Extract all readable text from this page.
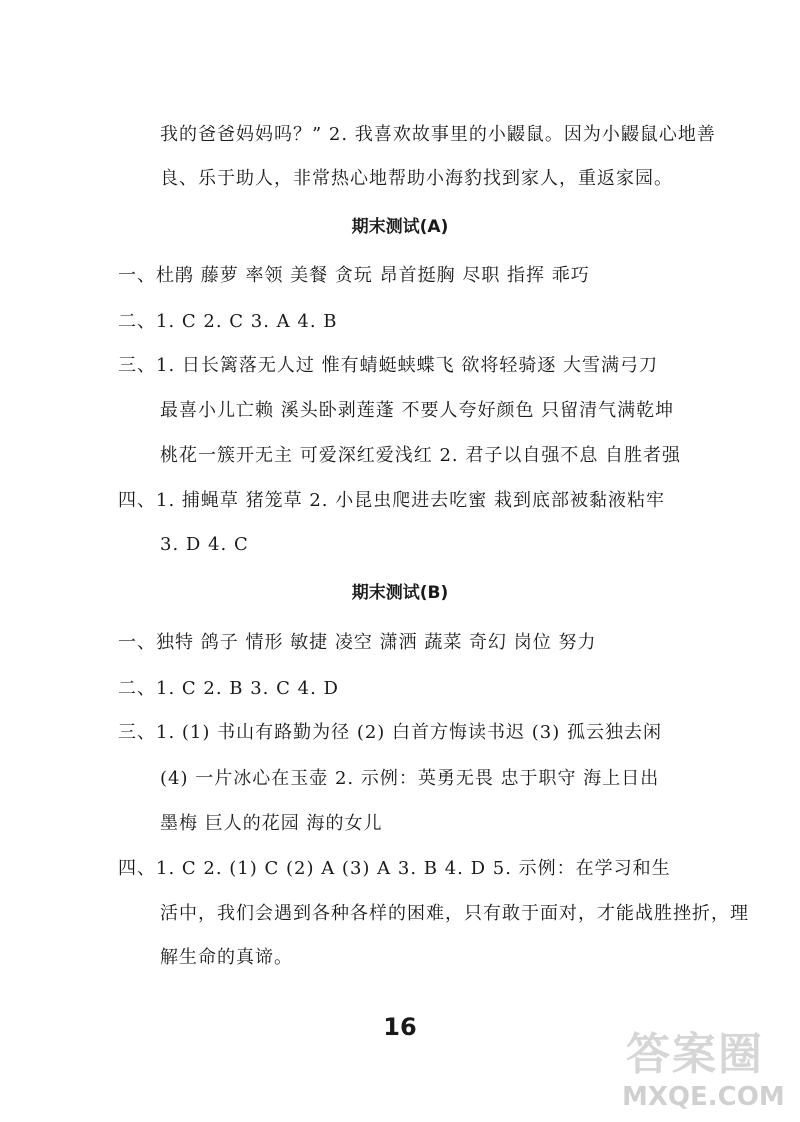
我的爸爸妈妈吗？” 2. 我喜欢故事里的小鼹鼠。因为小鼹鼠心地善
良、乐于助人，非常热心地帮助小海豹找到家人，重返家园。
期末测试(A)
一、杜鹃 藤萝 率领 美餐 贪玩 昂首挺胸 尽职 指挥 乖巧
二、1. C 2. C 3. A 4. B
三、1. 日长篱落无人过 惟有蜻蜓蛱蝶飞 欲将轻骑逐 大雪满弓刀
最喜小儿亡赖 溪头卧剥莲蓬 不要人夸好颜色 只留清气满乾坤
桃花一簇开无主 可爱深红爱浅红 2. 君子以自强不息 自胜者强
四、1. 捕蝇草 猪笼草 2. 小昆虫爬进去吃蜜 栽到底部被黏液粘牢
3. D 4. C
期末测试(B)
一、独特 鸽子 情形 敏捷 凌空 潇洒 蔬菜 奇幻 岗位 努力
二、1. C 2. B 3. C 4. D
三、1. (1) 书山有路勤为径 (2) 白首方悔读书迟 (3) 孤云独去闲
(4) 一片冰心在玉壶 2. 示例：英勇无畏 忠于职守 海上日出
墨梅 巨人的花园 海的女儿
四、1. C 2. (1) C (2) A (3) A 3. B 4. D 5. 示例：在学习和生
活中，我们会遇到各种各样的困难，只有敢于面对，才能战胜挫折，理
解生命的真谛。
16
答案圈
MXQE.COM
